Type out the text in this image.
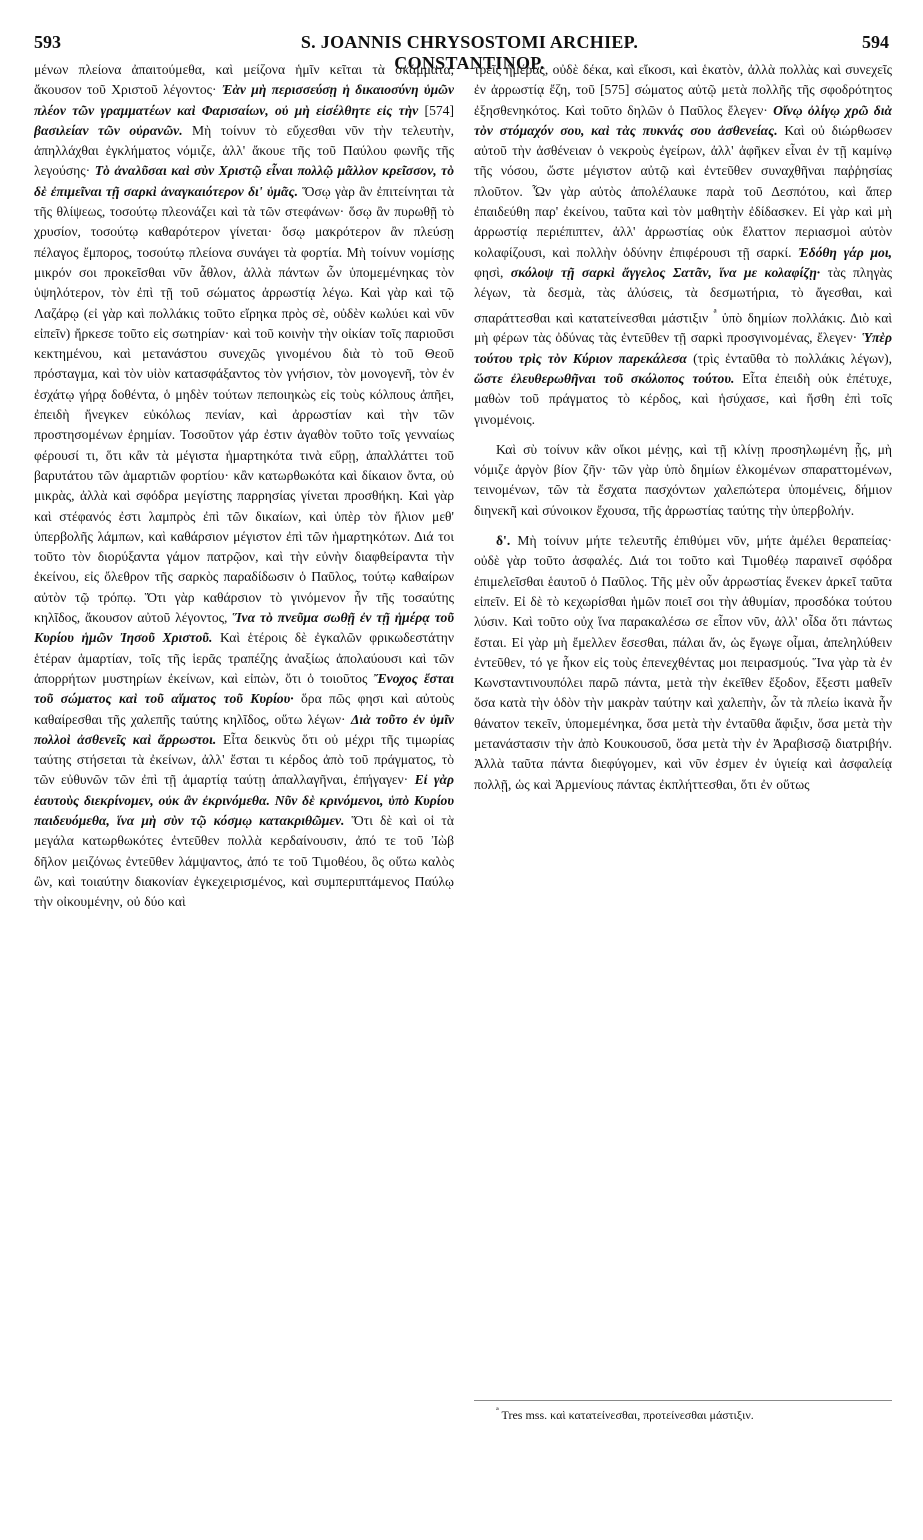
593	S. JOANNIS CHRYSOSTOMI ARCHIEP. CONSTANTINOP.
594

μένων πλείονα ἀπαιτούμεθα, καὶ μείζονα ἡμῖν κεῖται τὰ σκάμματα, ἄκουσον τοῦ Χριστοῦ λέγοντος· Ἐὰν μὴ περισσεύσῃ ἡ δικαιοσύνη ὑμῶν πλέον τῶν γραμματέων καὶ Φαρισαίων, οὐ μὴ εἰσέλθητε εἰς τὴν [574] βασιλείαν τῶν οὐρανῶν. Μὴ τοίνυν τὸ εὔχεσθαι νῦν τὴν τελευτὴν, ἀπηλλάχθαι ἐγκλήματος νόμιζε, ἀλλ' ἄκουε τῆς τοῦ Παύλου φωνῆς τῆς λεγούσης· Τὸ ἀναλῦσαι καὶ σὺν Χριστῷ εἶναι πολλῷ μᾶλλον κρεῖσσον, τὸ δὲ ἐπιμεῖναι τῇ σαρκὶ ἀναγκαιότερον δι' ὑμᾶς. Ὅσῳ γὰρ ἂν ἐπιτείνηται τὰ τῆς θλίψεως, τοσούτῳ πλεονάζει καὶ τὰ τῶν στεφάνων· ὅσῳ ἂν πυρωθῇ τὸ χρυσίον, τοσούτῳ καθαρότερον γίνεται· ὅσῳ μακρότερον ἂν πλεύσῃ πέλαγος ἔμπορος, τοσούτῳ πλείονα συνάγει τὰ φορτία. Μὴ τοίνυν νομίσῃς μικρόν σοι προκεῖσθαι νῦν ἆθλον, ἀλλὰ πάντων ὧν ὑπομεμένηκας τὸν ὑψηλότερον, τὸν ἐπὶ τῇ τοῦ σώματος ἀρρωστίᾳ λέγω. Καὶ γὰρ καὶ τῷ Λαζάρῳ (εἰ γὰρ καὶ πολλάκις τοῦτο εἴρηκα πρὸς σὲ, οὐδὲν κωλύει καὶ νῦν εἰπεῖν) ἤρκεσε τοῦτο εἰς σωτηρίαν· καὶ τοῦ κοινὴν τὴν οἰκίαν τοῖς παριοῦσι κεκτημένου, καὶ μετανάστου συνεχῶς γινομένου διὰ τὸ τοῦ Θεοῦ πρόσταγμα, καὶ τὸν υἱὸν κατασφάξαντος τὸν γνήσιον, τὸν μονογενῆ, τὸν ἐν ἐσχάτῳ γήρᾳ δοθέντα, ὁ μηδὲν τούτων πεποιηκὼς εἰς τοὺς κόλπους ἀπῆει, ἐπειδὴ ἤνεγκεν εὐκόλως πενίαν, καὶ ἀρρωστίαν καὶ τὴν τῶν προστησομένων ἐρημίαν. Τοσοῦτον γάρ ἐστιν ἀγαθὸν τοῦτο τοῖς γενναίως φέρουσί τι, ὅτι κἂν τὰ μέγιστα ἡμαρτηκότα τινὰ εὕρῃ, ἀπαλλάττει τοῦ βαρυτάτου τῶν ἁμαρτιῶν φορτίου· κἂν κατωρθωκότα καὶ δίκαιον ὄντα, οὐ μικρὰς, ἀλλὰ καὶ σφόδρα μεγίστης παρρησίας γίνεται προσθήκη. Καὶ γὰρ καὶ στέφανός ἐστι λαμπρὸς ἐπὶ τῶν δικαίων, καὶ ὑπὲρ τὸν ἥλιον μεθ' ὑπερβολῆς λάμπων, καὶ καθάρσιον μέγιστον ἐπὶ τῶν ἡμαρτηκότων. Διά τοι τοῦτο τὸν διορύξαντα γάμον πατρῷον, καὶ τὴν εὐνὴν διαφθείραντα τὴν ἐκείνου, εἰς ὄλεθρον τῆς σαρκὸς παραδίδωσιν ὁ Παῦλος, τούτῳ καθαίρων αὐτὸν τῷ τρόπῳ. Ὅτι γὰρ καθάρσιον τὸ γινόμενον ἦν τῆς τοσαύτης κηλῖδος, ἄκουσον αὐτοῦ λέγοντος, Ἵνα τὸ πνεῦμα σωθῇ ἐν τῇ ἡμέρᾳ τοῦ Κυρίου ἡμῶν Ἰησοῦ Χριστοῦ. Καὶ ἑτέροις δὲ ἐγκαλῶν φρικωδεστάτην ἑτέραν ἁμαρτίαν, τοῖς τῆς ἱερᾶς τραπέζης ἀναξίως ἀπολαύουσι καὶ τῶν ἀπορρήτων μυστηρίων ἐκείνων, καὶ εἰπὼν, ὅτι ὁ τοιοῦτος Ἔνοχος ἔσται τοῦ σώματος καὶ τοῦ αἵματος τοῦ Κυρίου· ὅρα πῶς φησι καὶ αὐτοὺς καθαίρεσθαι τῆς χαλεπῆς ταύτης κηλῖδος, οὕτω λέγων· Διὰ τοῦτο ἐν ὑμῖν πολλοὶ ἀσθενεῖς καὶ ἄρρωστοι. Εἶτα δεικνὺς ὅτι οὐ μέχρι τῆς τιμωρίας ταύτης στήσεται τὰ ἐκείνων, ἀλλ' ἔσται τι κέρδος ἀπὸ τοῦ πράγματος, τὸ τῶν εὐθυνῶν τῶν ἐπὶ τῇ ἁμαρτίᾳ ταύτῃ ἀπαλλαγῆναι, ἐπήγαγεν· Εἰ γὰρ ἑαυτοὺς διεκρίνομεν, οὐκ ἂν ἐκρινόμεθα. Νῦν δὲ κρινόμενοι, ὑπὸ Κυρίου παιδευόμεθα, ἵνα μὴ σὺν τῷ κόσμῳ κατακριθῶμεν. Ὅτι δὲ καὶ οἱ τὰ μεγάλα κατωρθωκότες ἐντεῦθεν πολλὰ κερδαίνουσιν, ἀπό τε τοῦ Ἰὼβ δῆλον μειζόνως ἐντεῦθεν λάμψαντος, ἀπό τε τοῦ Τιμοθέου, ὃς οὕτω καλὸς ὢν, καὶ τοιαύτην διακονίαν ἐγκεχειρισμένος, καὶ συμπεριπτάμενος Παύλῳ τὴν οἰκουμένην, οὐ δύο καὶ

τρεῖς ἡμέρας, οὐδὲ δέκα, καὶ εἴκοσι, καὶ ἑκατὸν, ἀλλὰ πολλὰς καὶ συνεχεῖς ἐν ἀρρωστίᾳ ἔζη, τοῦ [575] σώματος αὐτῷ μετὰ πολλῆς τῆς σφοδρότητος ἐξησθενηκότος. Καὶ τοῦτο δηλῶν ὁ Παῦλος ἔλεγεν· Οἴνῳ ὀλίγῳ χρῶ διὰ τὸν στόμαχόν σου, καὶ τὰς πυκνάς σου ἀσθενείας. Καὶ οὐ διώρθωσεν αὐτοῦ τὴν ἀσθένειαν ὁ νεκροὺς ἐγείρων, ἀλλ' ἀφῆκεν εἶναι ἐν τῇ καμίνῳ τῆς νόσου, ὥστε μέγιστον αὐτῷ καὶ ἐντεῦθεν συναχθῆναι παῤῥησίας πλοῦτον. Ὧν γὰρ αὐτὸς ἀπολέλαυκε παρὰ τοῦ Δεσπότου, καὶ ἅπερ ἐπαιδεύθη παρ' ἐκείνου, ταῦτα καὶ τὸν μαθητὴν ἐδίδασκεν. Εἰ γὰρ καὶ μὴ ἀρρωστίᾳ περιέπιπτεν, ἀλλ' ἀρρωστίας οὐκ ἔλαττον περιασμοὶ αὐτὸν κολαφίζουσι, καὶ πολλὴν ὀδύνην ἐπιφέρουσι τῇ σαρκί. Ἐδόθη γάρ μοι, φησὶ, σκόλοψ τῇ σαρκὶ ἄγγελος Σατᾶν, ἵνα με κολαφίζῃ· τὰς πληγὰς λέγων, τὰ δεσμὰ, τὰς ἁλύσεις, τὰ δεσμωτήρια, τὸ ἄγεσθαι, καὶ σπαράττεσθαι καὶ κατατείνεσθαι μάστιξιν $^ª$ ὑπὸ δημίων πολλάκις. Διὸ καὶ μὴ φέρων τὰς ὀδύνας τὰς ἐντεῦθεν τῇ σαρκὶ προσγινομένας, ἔλεγεν· Ὑπὲρ τούτου τρὶς τὸν Κύριον παρεκάλεσα (τρὶς ἐνταῦθα τὸ πολλάκις λέγων), ὥστε ἐλευθερωθῆναι τοῦ σκόλοπος τούτου. Εἶτα ἐπειδὴ οὐκ ἐπέτυχε, μαθὼν τοῦ πράγματος τὸ κέρδος, καὶ ἡσύχασε, καὶ ἥσθη ἐπὶ τοῖς γινομένοις.

Καὶ σὺ τοίνυν κἂν οἴκοι μένῃς, καὶ τῇ κλίνῃ προσηλωμένη ᾖς, μὴ νόμιζε ἀργὸν βίον ζῆν· τῶν γὰρ ὑπὸ δημίων ἑλκομένων σπαραττομένων, τεινομένων, τῶν τὰ ἔσχατα πασχόντων χαλεπώτερα ὑπομένεις, δήμιον διηνεκῆ καὶ σύνοικον ἔχουσα, τῆς ἀρρωστίας ταύτης τὴν ὑπερβολήν.

δ'. Μὴ τοίνυν μήτε τελευτῆς ἐπιθύμει νῦν, μήτε ἀμέλει θεραπείας· οὐδὲ γὰρ τοῦτο ἀσφαλές. Διά τοι τοῦτο καὶ Τιμοθέῳ παραινεῖ σφόδρα ἐπιμελεῖσθαι ἑαυτοῦ ὁ Παῦλος. Τῆς μὲν οὖν ἀρρωστίας ἕνεκεν ἀρκεῖ ταῦτα εἰπεῖν. Εἰ δὲ τὸ κεχωρίσθαι ἡμῶν ποιεῖ σοι τὴν ἀθυμίαν, προσδόκα τούτου λύσιν. Καὶ τοῦτο οὐχ ἵνα παρακαλέσω σε εἶπον νῦν, ἀλλ' οἶδα ὅτι πάντως ἔσται. Εἰ γὰρ μὴ ἔμελλεν ἔσεσθαι, πάλαι ἄν, ὡς ἔγωγε οἶμαι, ἀπεληλύθειν ἐντεῦθεν, τό γε ἧκον εἰς τοὺς ἐπενεχθέντας μοι πειρασμούς. Ἵνα γὰρ τὰ ἐν Κωνσταντινουπόλει παρῶ πάντα, μετὰ τὴν ἐκεῖθεν ἔξοδον, ἔξεστι μαθεῖν ὅσα κατὰ τὴν ὁδὸν τὴν μακρὰν ταύτην καὶ χαλεπὴν, ὧν τὰ πλείω ἱκανὰ ἦν θάνατον τεκεῖν, ὑπομεμένηκα, ὅσα μετὰ τὴν ἐνταῦθα ἄφιξιν, ὅσα μετὰ τὴν μετανάστασιν τὴν ἀπὸ Κουκουσοῦ, ὅσα μετὰ τὴν ἐν Ἀραβισσῷ διατριβήν. Ἀλλὰ ταῦτα πάντα διεφύγομεν, καὶ νῦν ἐσμεν ἐν ὑγιείᾳ καὶ ἀσφαλείᾳ πολλῇ, ὡς καὶ Ἀρμενίους πάντας ἐκπλήττεσθαι, ὅτι ἐν οὕτως

$^ª$ Tres mss. καὶ κατατείνεσθαι, προτείνεσθαι μάστιξιν.
